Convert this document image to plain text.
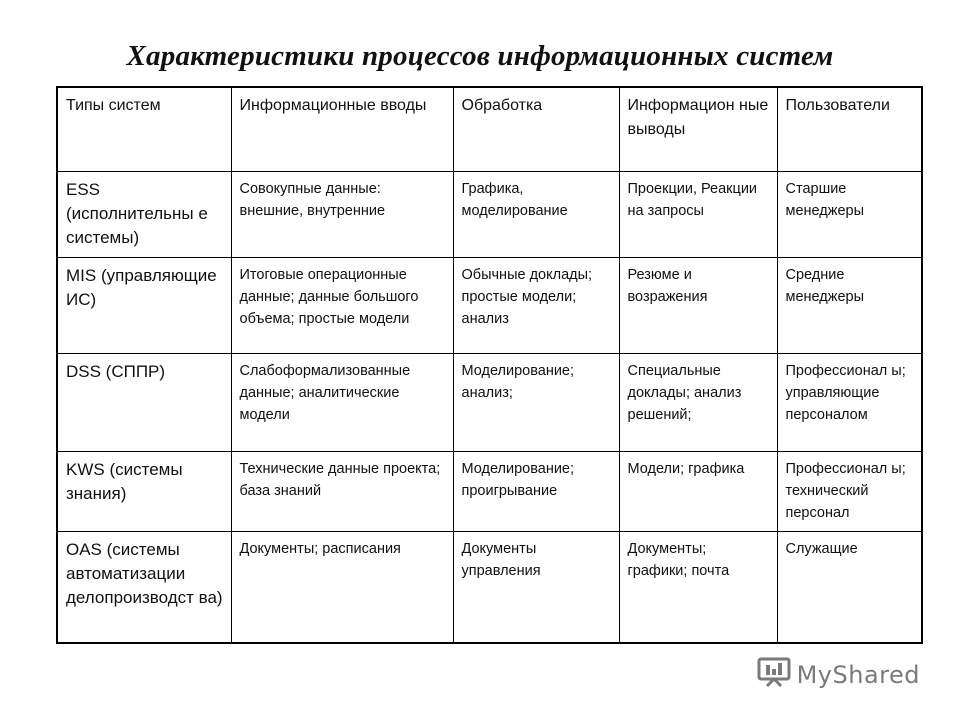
Характеристики процессов информационных систем
Типы систем	Информационные вводы	Обработка	Информацион ные выводы	Пользователи
ESS (исполнительны е системы)	Совокупные данные: внешние, внутренние	Графика, моделирование	Проекции, Реакции на запросы	Старшие менеджеры
MIS (управляющие ИС)	Итоговые операционные данные; данные большого объема; простые модели	Обычные доклады; простые модели; анализ	Резюме и возражения	Средние менеджеры
DSS (СППР)	Слабоформализованные данные; аналитические модели	Моделирование; анализ;	Специальные доклады; анализ решений;	Профессионал ы; управляющие персоналом
KWS (системы знания)	Технические данные проекта; база знаний	Моделирование; проигрывание	Модели; графика	Профессионал ы; технический персонал
OAS (системы автоматизации делопроизводст ва)	Документы; расписания	Документы управления	Документы; графики; почта	Служащие
MyShared
